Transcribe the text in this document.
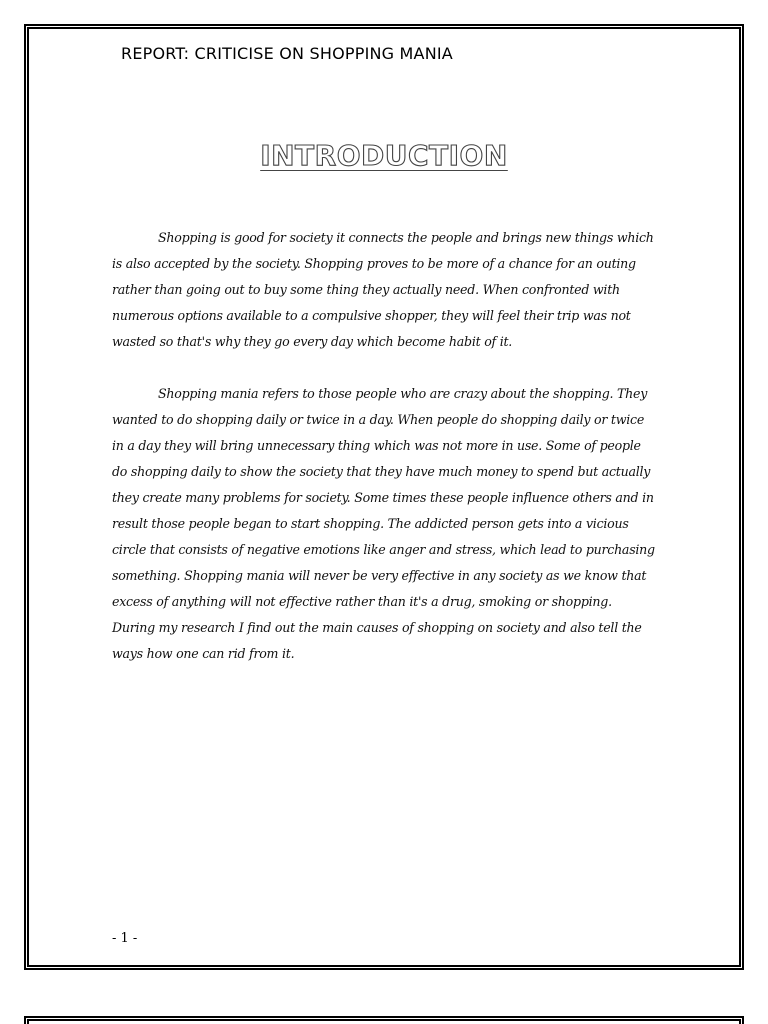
REPORT: CRITICISE ON SHOPPING MANIA
INTRODUCTION

Shopping is good for society it connects the people and brings new things which is also accepted by the society. Shopping proves to be more of a chance for an outing rather than going out to buy some thing they actually need. When confronted with numerous options available to a compulsive shopper, they will feel their trip was not wasted so that's why they go every day which become habit of it.

Shopping mania refers to those people who are crazy about the shopping. They wanted to do shopping daily or twice in a day. When people do shopping daily or twice in a day they will bring unnecessary thing which was not more in use. Some of people do shopping daily to show the society that they have much money to spend but actually they create many problems for society. Some times these people influence others and in result those people began to start shopping. The addicted person gets into a vicious circle that consists of negative emotions like anger and stress, which lead to purchasing something. Shopping mania will never be very effective in any society as we know that excess of anything will not effective rather than it's a drug, smoking or shopping. During my research I find out the main causes of shopping on society and also tell the ways how one can rid from it.

- 1 -
